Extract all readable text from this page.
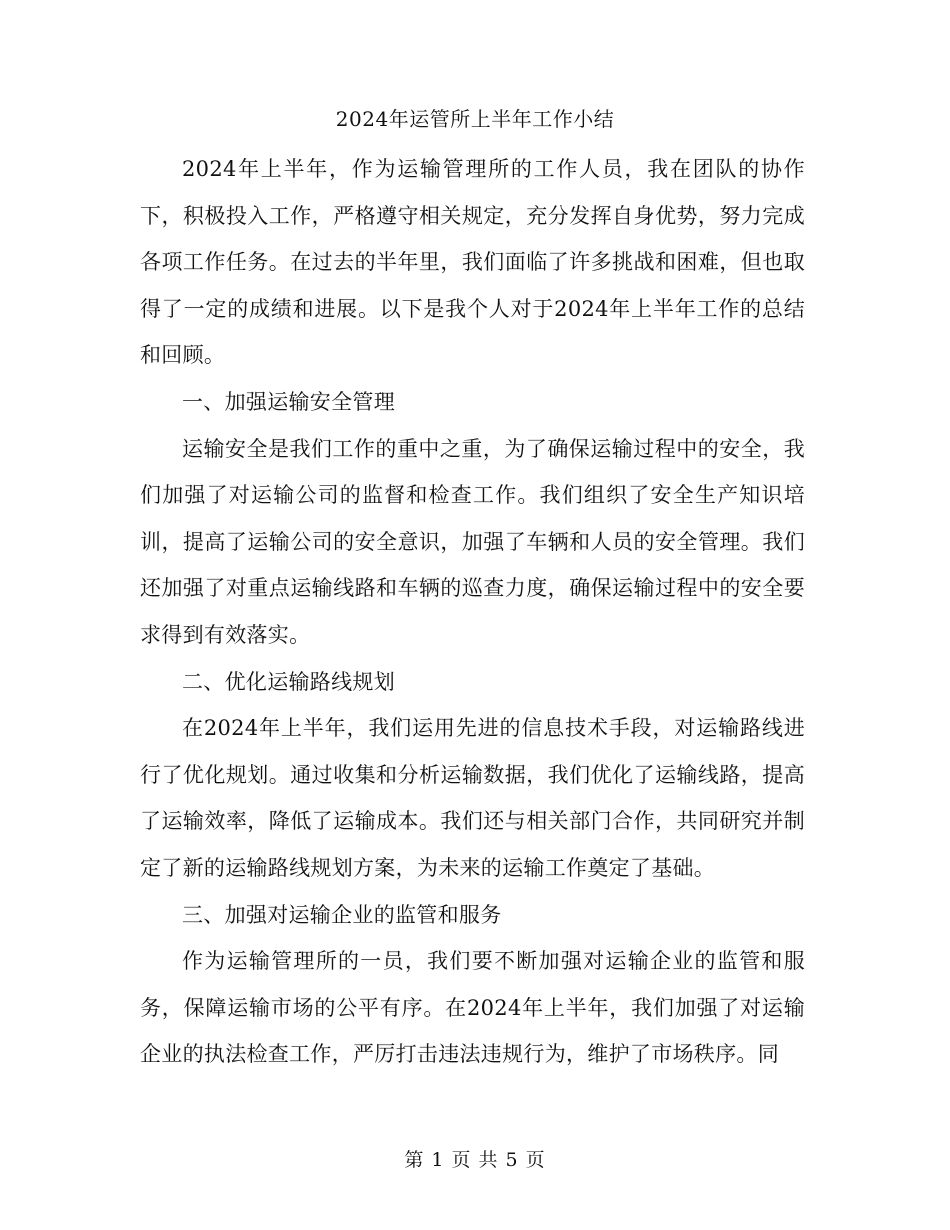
2024年运管所上半年工作小结

2024年上半年，作为运输管理所的工作人员，我在团队的协作下，积极投入工作，严格遵守相关规定，充分发挥自身优势，努力完成各项工作任务。在过去的半年里，我们面临了许多挑战和困难，但也取得了一定的成绩和进展。以下是我个人对于2024年上半年工作的总结和回顾。

一、加强运输安全管理

运输安全是我们工作的重中之重，为了确保运输过程中的安全，我们加强了对运输公司的监督和检查工作。我们组织了安全生产知识培训，提高了运输公司的安全意识，加强了车辆和人员的安全管理。我们还加强了对重点运输线路和车辆的巡查力度，确保运输过程中的安全要求得到有效落实。

二、优化运输路线规划

在2024年上半年，我们运用先进的信息技术手段，对运输路线进行了优化规划。通过收集和分析运输数据，我们优化了运输线路，提高了运输效率，降低了运输成本。我们还与相关部门合作，共同研究并制定了新的运输路线规划方案，为未来的运输工作奠定了基础。

三、加强对运输企业的监管和服务

作为运输管理所的一员，我们要不断加强对运输企业的监管和服务，保障运输市场的公平有序。在2024年上半年，我们加强了对运输企业的执法检查工作，严厉打击违法违规行为，维护了市场秩序。同

第 1 页 共 5 页
